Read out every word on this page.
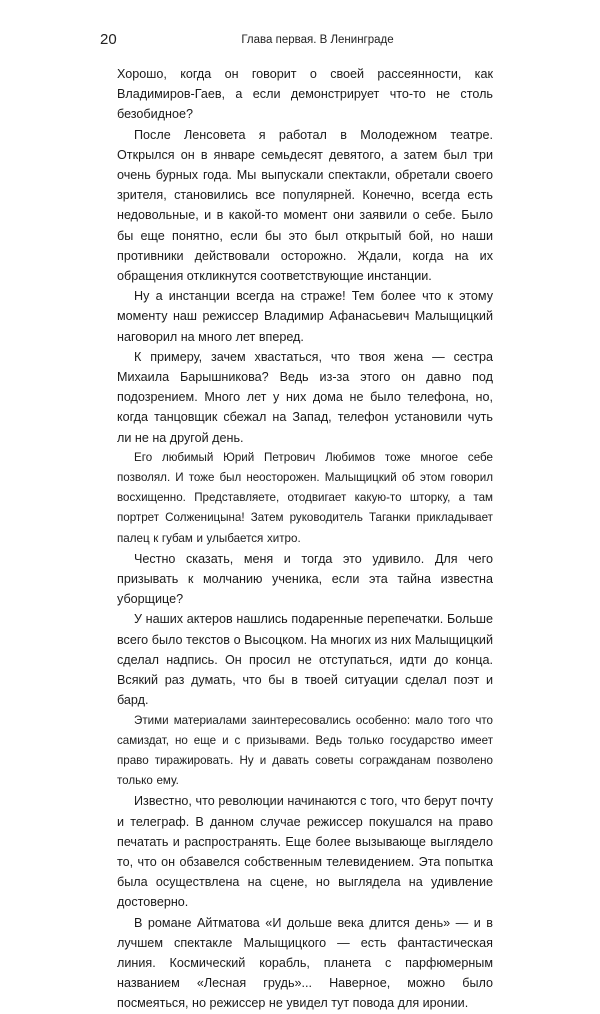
20	Глава первая. В Ленинграде

Хорошо, когда он говорит о своей рассеянности, как Владимиров-Гаев, а если демонстрирует что-то не столь безобидное?

После Ленсовета я работал в Молодежном театре. Открылся он в январе семьдесят девятого, а затем был три очень бурных года. Мы выпускали спектакли, обретали своего зрителя, становились все популярней. Конечно, всегда есть недовольные, и в какой-то момент они заявили о себе. Было бы еще понятно, если бы это был открытый бой, но наши противники действовали осторожно. Ждали, когда на их обращения откликнутся соответствующие инстанции.

Ну а инстанции всегда на страже! Тем более что к этому моменту наш режиссер Владимир Афанасьевич Малыщицкий наговорил на много лет вперед.

К примеру, зачем хвастаться, что твоя жена — сестра Михаила Барышникова? Ведь из-за этого он давно под подозрением. Много лет у них дома не было телефона, но, когда танцовщик сбежал на Запад, телефон установили чуть ли не на другой день.

Его любимый Юрий Петрович Любимов тоже многое себе позволял. И тоже был неосторожен. Малыщицкий об этом говорил восхищенно. Представляете, отодвигает какую-то шторку, а там портрет Солженицына! Затем руководитель Таганки прикладывает палец к губам и улыбается хитро.

Честно сказать, меня и тогда это удивило. Для чего призывать к молчанию ученика, если эта тайна известна уборщице?

У наших актеров нашлись подаренные перепечатки. Больше всего было текстов о Высоцком. На многих из них Малыщицкий сделал надпись. Он просил не отступаться, идти до конца. Всякий раз думать, что бы в твоей ситуации сделал поэт и бард.

Этими материалами заинтересовались особенно: мало того что самиздат, но еще и с призывами. Ведь только государство имеет право тиражировать. Ну и давать советы согражданам позволено только ему.

Известно, что революции начинаются с того, что берут почту и телеграф. В данном случае режиссер покушался на право печатать и распространять. Еще более вызывающе выглядело то, что он обзавелся собственным телевидением. Эта попытка была осуществлена на сцене, но выглядела на удивление достоверно.

В романе Айтматова «И дольше века длится день» — и в лучшем спектакле Малыщицкого — есть фантастическая линия. Космический корабль, планета с парфюмерным названием «Лесная грудь»... Наверное, можно было посмеяться, но режиссер не увидел тут повода для иронии.
